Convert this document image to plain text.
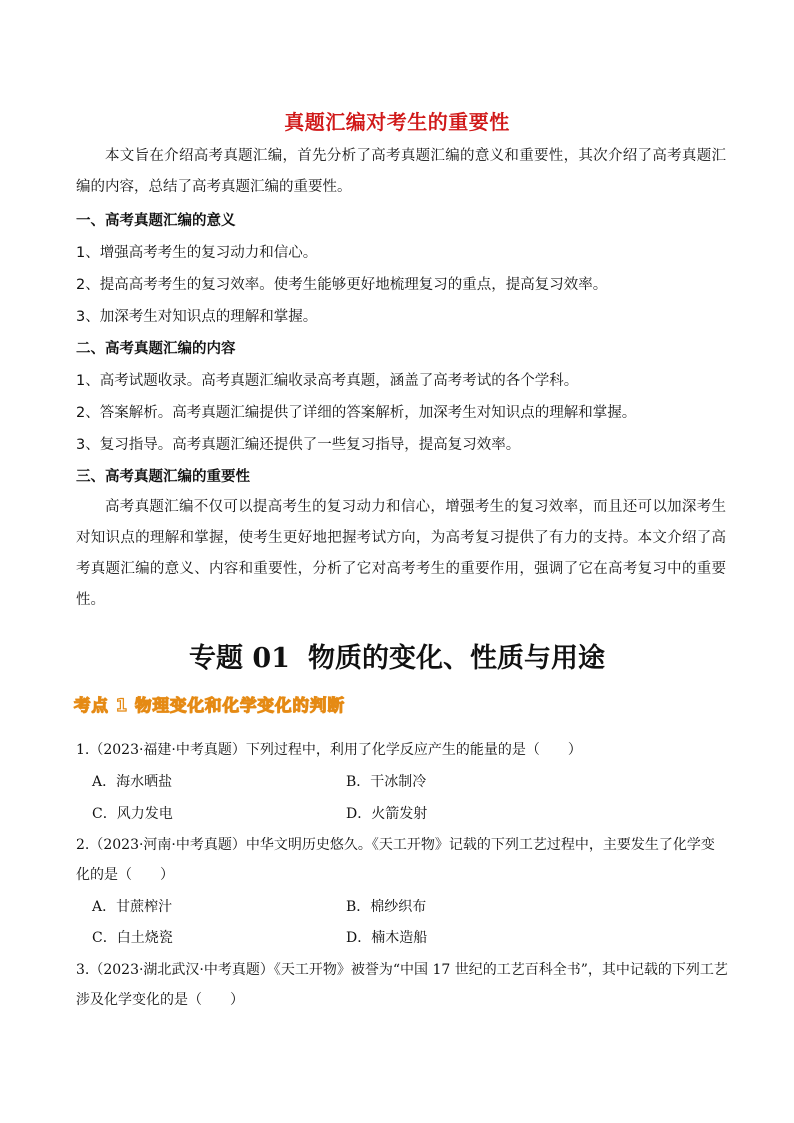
真题汇编对考生的重要性

本文旨在介绍高考真题汇编，首先分析了高考真题汇编的意义和重要性，其次介绍了高考真题汇编的内容，总结了高考真题汇编的重要性。

一、高考真题汇编的意义
1、增强高考考生的复习动力和信心。
2、提高高考考生的复习效率。使考生能够更好地梳理复习的重点，提高复习效率。
3、加深考生对知识点的理解和掌握。
二、高考真题汇编的内容
1、高考试题收录。高考真题汇编收录高考真题，涵盖了高考考试的各个学科。
2、答案解析。高考真题汇编提供了详细的答案解析，加深考生对知识点的理解和掌握。
3、复习指导。高考真题汇编还提供了一些复习指导，提高复习效率。
三、高考真题汇编的重要性

高考真题汇编不仅可以提高考生的复习动力和信心，增强考生的复习效率，而且还可以加深考生对知识点的理解和掌握，使考生更好地把握考试方向，为高考复习提供了有力的支持。本文介绍了高考真题汇编的意义、内容和重要性，分析了它对高考考生的重要作用，强调了它在高考复习中的重要性。

专题 01 物质的变化、性质与用途
考点 1 物理变化和化学变化的判断
1.（2023·福建·中考真题）下列过程中，利用了化学反应产生的能量的是（　　）
A．海水晒盐	B．干冰制冷
C．风力发电	D．火箭发射
2.（2023·河南·中考真题）中华文明历史悠久。《天工开物》记载的下列工艺过程中，主要发生了化学变
化的是（　　）
A．甘蔗榨汁	B．棉纱织布
C．白土烧瓷	D．楠木造船
3.（2023·湖北武汉·中考真题）《天工开物》被誉为“中国 17 世纪的工艺百科全书”，其中记载的下列工艺
涉及化学变化的是（　　）
